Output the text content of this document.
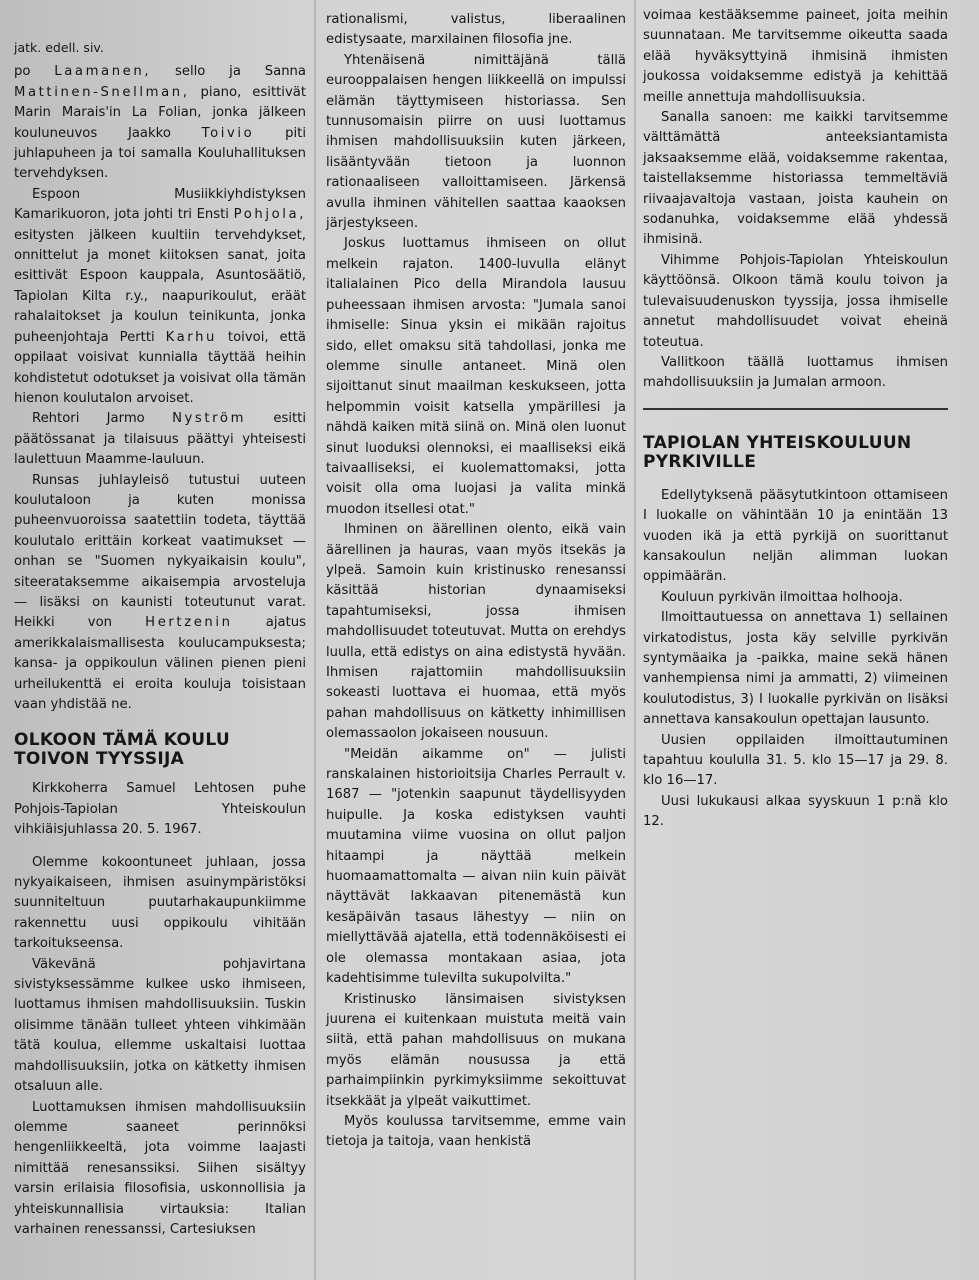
jatk. edell. siv.

po Laamanen, sello ja Sanna Mattinen-Snellman, piano, esittivät Marin Marais'in La Folian, jonka jälkeen kouluneuvos Jaakko Toivio piti juhlapuheen ja toi samalla Kouluhallituksen tervehdyksen.

Espoon Musiikkiyhdistyksen Kamarikuoron, jota johti tri Ensti Pohjola, esitysten jälkeen kuultiin tervehdykset, onnittelut ja monet kiitoksen sanat, joita esittivät Espoon kauppala, Asuntosäätiö, Tapiolan Kilta r.y., naapurikoulut, eräät rahalaitokset ja koulun teinikunta, jonka puheenjohtaja Pertti Karhu toivoi, että oppilaat voisivat kunnialla täyttää heihin kohdistetut odotukset ja voisivat olla tämän hienon koulutalon arvoiset.

Rehtori Jarmo Nyström esitti päätössanat ja tilaisuus päättyi yhteisesti laulettuun Maamme-lauluun.

Runsas juhlayleisö tutustui uuteen koulutaloon ja kuten monissa puheenvuoroissa saatettiin todeta, täyttää koulutalo erittäin korkeat vaatimukset — onhan se "Suomen nykyaikaisin koulu", siteerataksemme aikaisempia arvosteluja — lisäksi on kaunisti toteutunut varat. Heikki von Hertzenin ajatus amerikkalaismallisesta koulucampuksesta; kansa- ja oppikoulun välinen pienen pieni urheilukenttä ei eroita kouluja toisistaan vaan yhdistää ne.

OLKOON TÄMÄ KOULU
TOIVON TYYSSIJA

Kirkkoherra Samuel Lehtosen puhe Pohjois-Tapiolan Yhteiskoulun vihkiäisjuhlassa 20. 5. 1967.

Olemme kokoontuneet juhlaan, jossa nykyaikaiseen, ihmisen asuinympäristöksi suunniteltuun puutarhakaupunkiimme rakennettu uusi oppikoulu vihitään tarkoitukseensa.

Väkevänä pohjavirtana sivistyksessämme kulkee usko ihmiseen, luottamus ihmisen mahdollisuuksiin. Tuskin olisimme tänään tulleet yhteen vihkimään tätä koulua, ellemme uskaltaisi luottaa mahdollisuuksiin, jotka on kätketty ihmisen otsaluun alle.

Luottamuksen ihmisen mahdollisuuksiin olemme saaneet perinnöksi hengenliikkeeltä, jota voimme laajasti nimittää renesanssiksi. Siihen sisältyy varsin erilaisia filosofisia, uskonnollisia ja yhteiskunnallisia virtauksia: Italian varhainen renessanssi, Cartesiuksen

rationalismi, valistus, liberaalinen edistysaate, marxilainen filosofia jne.

Yhtenäisenä nimittäjänä tällä eurooppalaisen hengen liikkeellä on impulssi elämän täyttymiseen historiassa. Sen tunnusomaisin piirre on uusi luottamus ihmisen mahdollisuuksiin kuten järkeen, lisääntyvään tietoon ja luonnon rationaaliseen valloittamiseen. Järkensä avulla ihminen vähitellen saattaa kaaoksen järjestykseen.

Joskus luottamus ihmiseen on ollut melkein rajaton. 1400-luvulla elänyt italialainen Pico della Mirandola lausuu puheessaan ihmisen arvosta: "Jumala sanoi ihmiselle: Sinua yksin ei mikään rajoitus sido, ellet omaksu sitä tahdollasi, jonka me olemme sinulle antaneet. Minä olen sijoittanut sinut maailman keskukseen, jotta helpommin voisit katsella ympärillesi ja nähdä kaiken mitä siinä on. Minä olen luonut sinut luoduksi olennoksi, ei maalliseksi eikä taivaalliseksi, ei kuolemattomaksi, jotta voisit olla oma luojasi ja valita minkä muodon itsellesi otat."

Ihminen on äärellinen olento, eikä vain äärellinen ja hauras, vaan myös itsekäs ja ylpeä. Samoin kuin kristinusko renesanssi käsittää historian dynaamiseksi tapahtumiseksi, jossa ihmisen mahdollisuudet toteutuvat. Mutta on erehdys luulla, että edistys on aina edistystä hyvään. Ihmisen rajattomiin mahdollisuuksiin sokeasti luottava ei huomaa, että myös pahan mahdollisuus on kätketty inhimillisen olemassaolon jokaiseen nousuun.

"Meidän aikamme on" — julisti ranskalainen historioitsija Charles Perrault v. 1687 — "jotenkin saapunut täydellisyyden huipulle. Ja koska edistyksen vauhti muutamina viime vuosina on ollut paljon hitaampi ja näyttää melkein huomaamattomalta — aivan niin kuin päivät näyttävät lakkaavan pitenemästä kun kesäpäivän tasaus lähestyy — niin on miellyttävää ajatella, että todennäköisesti ei ole olemassa montakaan asiaa, jota kadehtisimme tulevilta sukupolvilta."

Kristinusko länsimaisen sivistyksen juurena ei kuitenkaan muistuta meitä vain siitä, että pahan mahdollisuus on mukana myös elämän nousussa ja että parhaimpiinkin pyrkimyksiimme sekoittuvat itsekkäät ja ylpeät vaikuttimet.

Myös koulussa tarvitsemme, emme vain tietoja ja taitoja, vaan henkistä

voimaa kestääksemme paineet, joita meihin suunnataan. Me tarvitsemme oikeutta saada elää hyväksyttyinä ihmisinä ihmisten joukossa voidaksemme edistyä ja kehittää meille annettuja mahdollisuuksia.

Sanalla sanoen: me kaikki tarvitsemme välttämättä anteeksiantamista jaksaaksemme elää, voidaksemme rakentaa, taistellaksemme historiassa temmeltäviä riivaajavaltoja vastaan, joista kauhein on sodanuhka, voidaksemme elää yhdessä ihmisinä.

Vihimme Pohjois-Tapiolan Yhteiskoulun käyttöönsä. Olkoon tämä koulu toivon ja tulevaisuudenuskon tyyssija, jossa ihmiselle annetut mahdollisuudet voivat eheinä toteutua.

Vallitkoon täällä luottamus ihmisen mahdollisuuksiin ja Jumalan armoon.

TAPIOLAN YHTEISKOULUUN
PYRKIVILLE

Edellytyksenä pääsytutkintoon ottamiseen I luokalle on vähintään 10 ja enintään 13 vuoden ikä ja että pyrkijä on suorittanut kansakoulun neljän alimman luokan oppimäärän.

Kouluun pyrkivän ilmoittaa holhooja.

Ilmoittautuessa on annettava 1) sellainen virkatodistus, josta käy selville pyrkivän syntymäaika ja -paikka, maine sekä hänen vanhempiensa nimi ja ammatti, 2) viimeinen koulutodistus, 3) I luokalle pyrkivän on lisäksi annettava kansakoulun opettajan lausunto.

Uusien oppilaiden ilmoittautuminen tapahtuu koululla 31. 5. klo 15—17 ja 29. 8. klo 16—17.

Uusi lukukausi alkaa syyskuun 1 p:nä klo 12.
